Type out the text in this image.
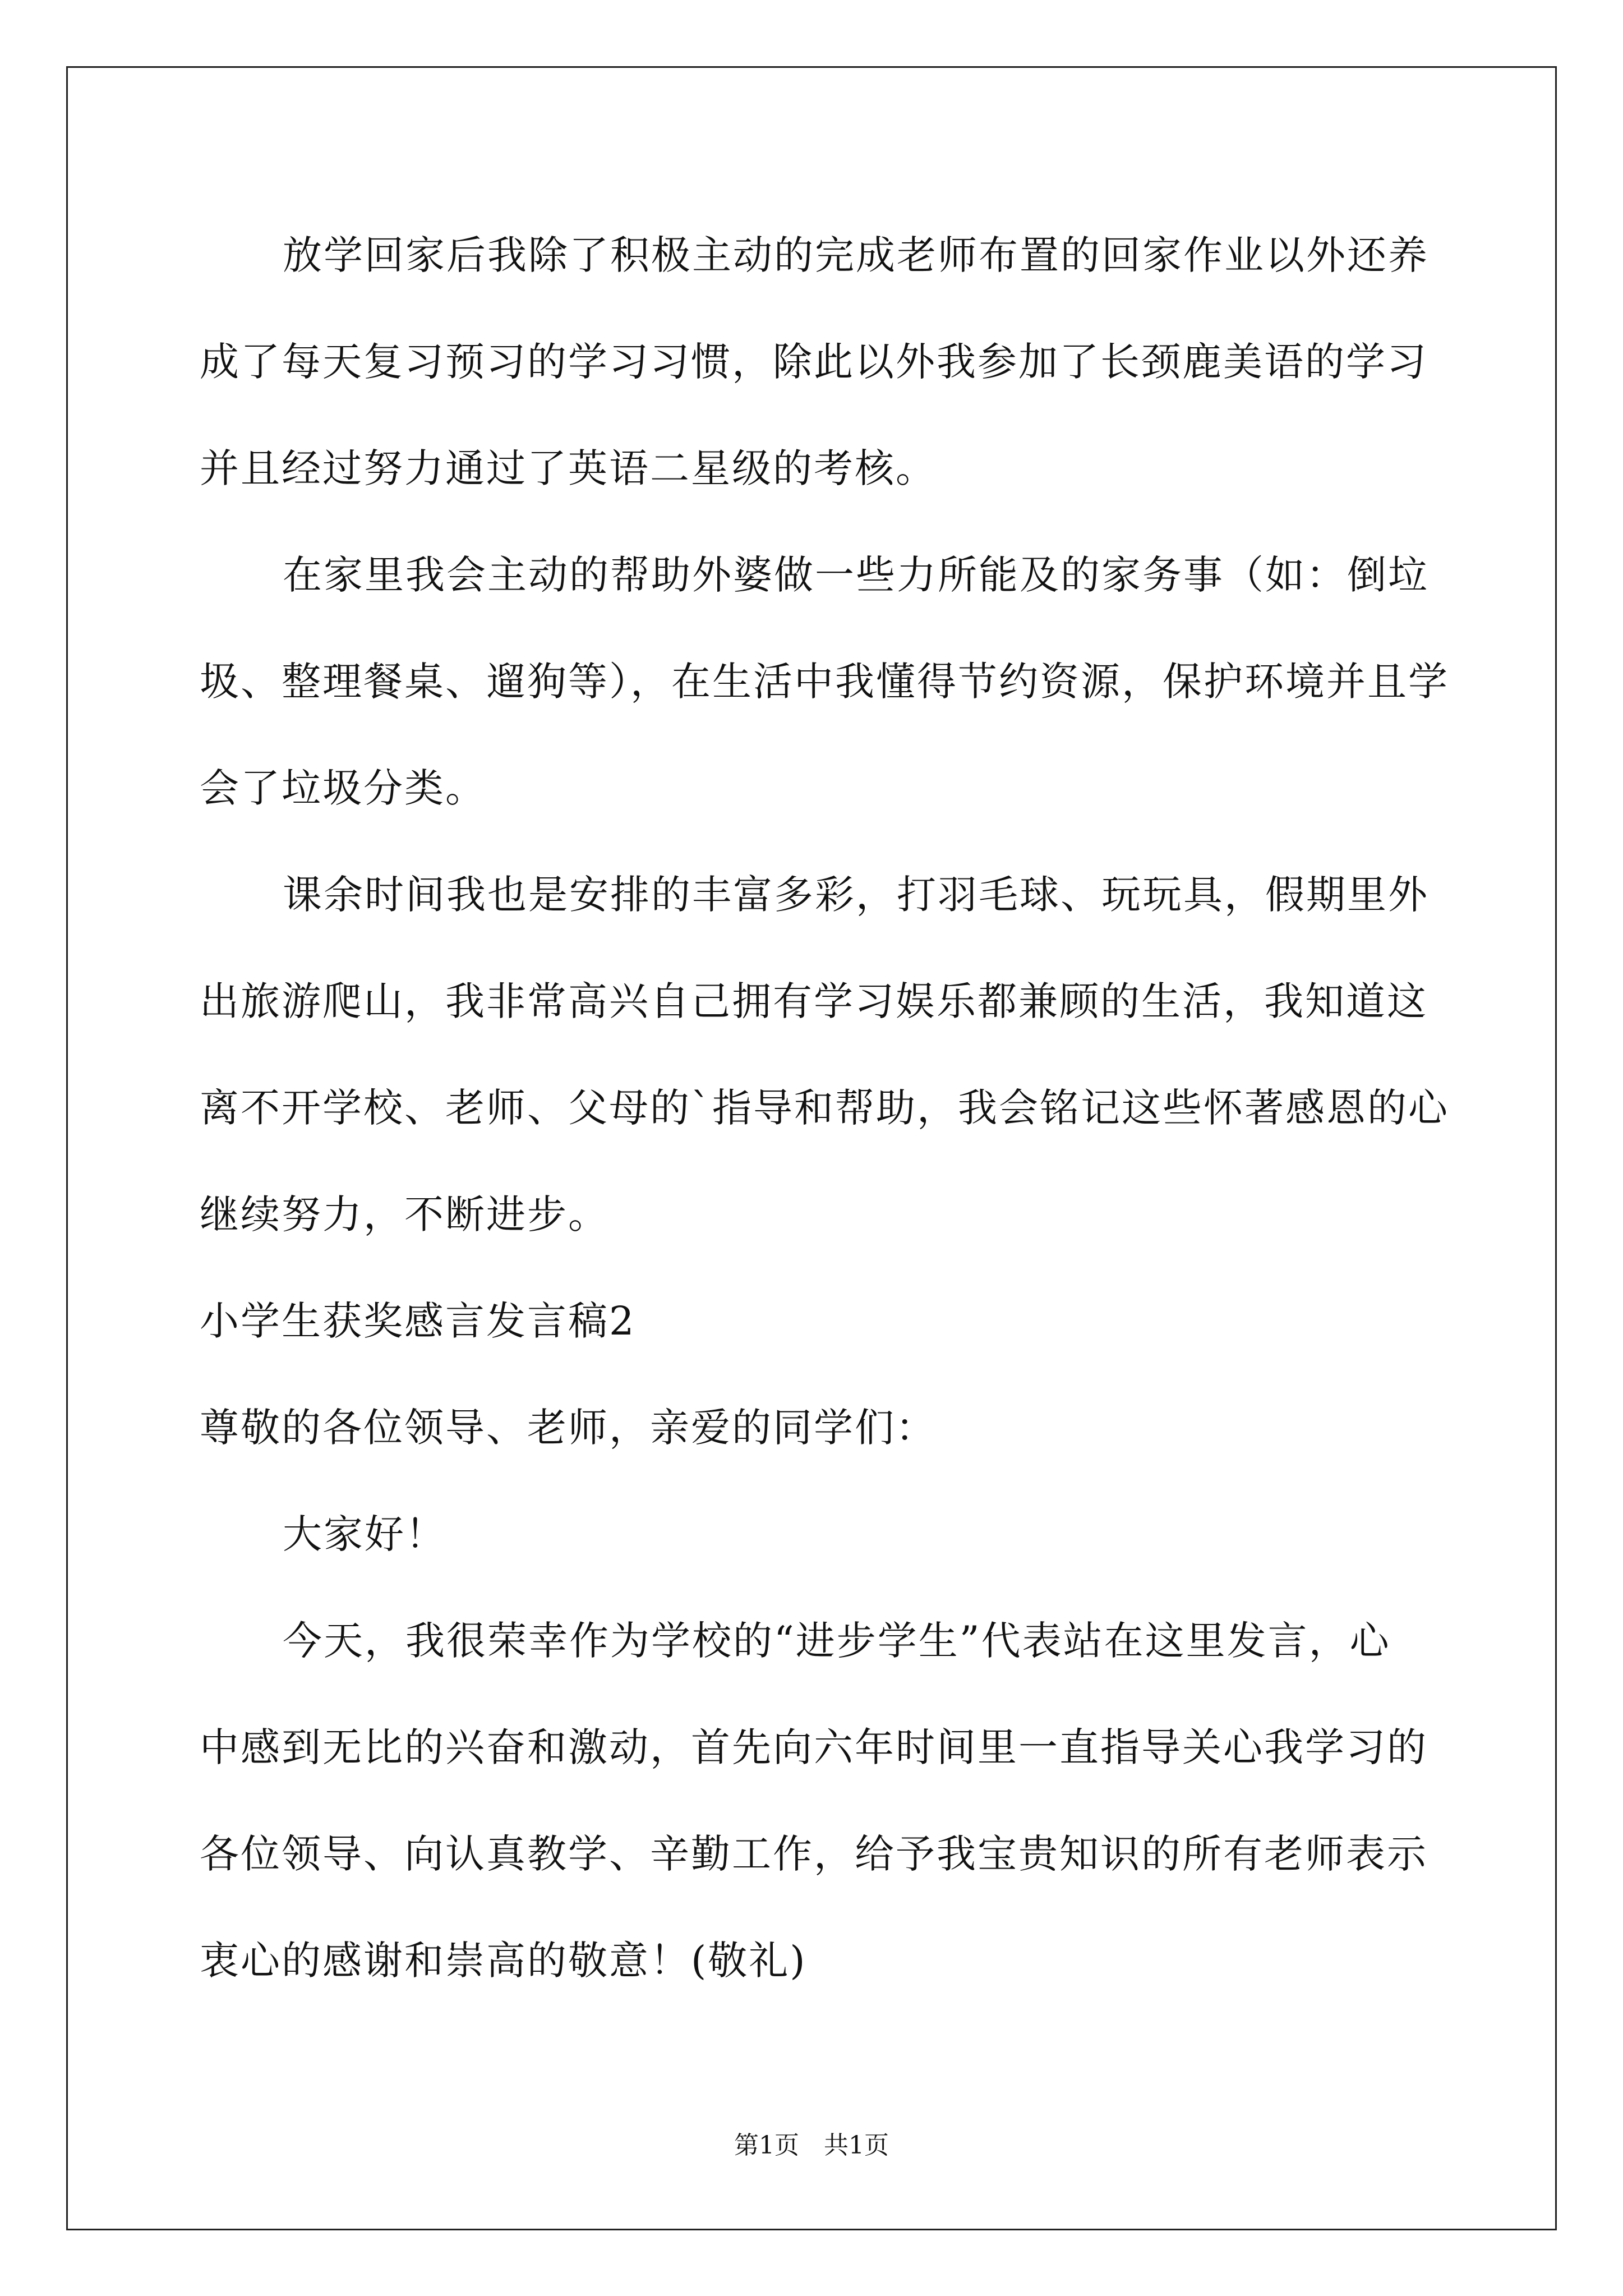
放学回家后我除了积极主动的完成老师布置的回家作业以外还养
成了每天复习预习的学习习惯，除此以外我参加了长颈鹿美语的学习
并且经过努力通过了英语二星级的考核。
在家里我会主动的帮助外婆做一些力所能及的家务事（如：倒垃
圾、整理餐桌、遛狗等），在生活中我懂得节约资源，保护环境并且学
会了垃圾分类。
课余时间我也是安排的丰富多彩，打羽毛球、玩玩具，假期里外
出旅游爬山，我非常高兴自己拥有学习娱乐都兼顾的生活，我知道这
离不开学校、老师、父母的`指导和帮助，我会铭记这些怀著感恩的心
继续努力，不断进步。
小学生获奖感言发言稿2
尊敬的各位领导、老师，亲爱的同学们：
大家好！
今天，我很荣幸作为学校的“进步学生”代表站在这里发言，心
中感到无比的兴奋和激动，首先向六年时间里一直指导关心我学习的
各位领导、向认真教学、辛勤工作，给予我宝贵知识的所有老师表示
衷心的感谢和崇高的敬意！(敬礼)
第1页　共1页
